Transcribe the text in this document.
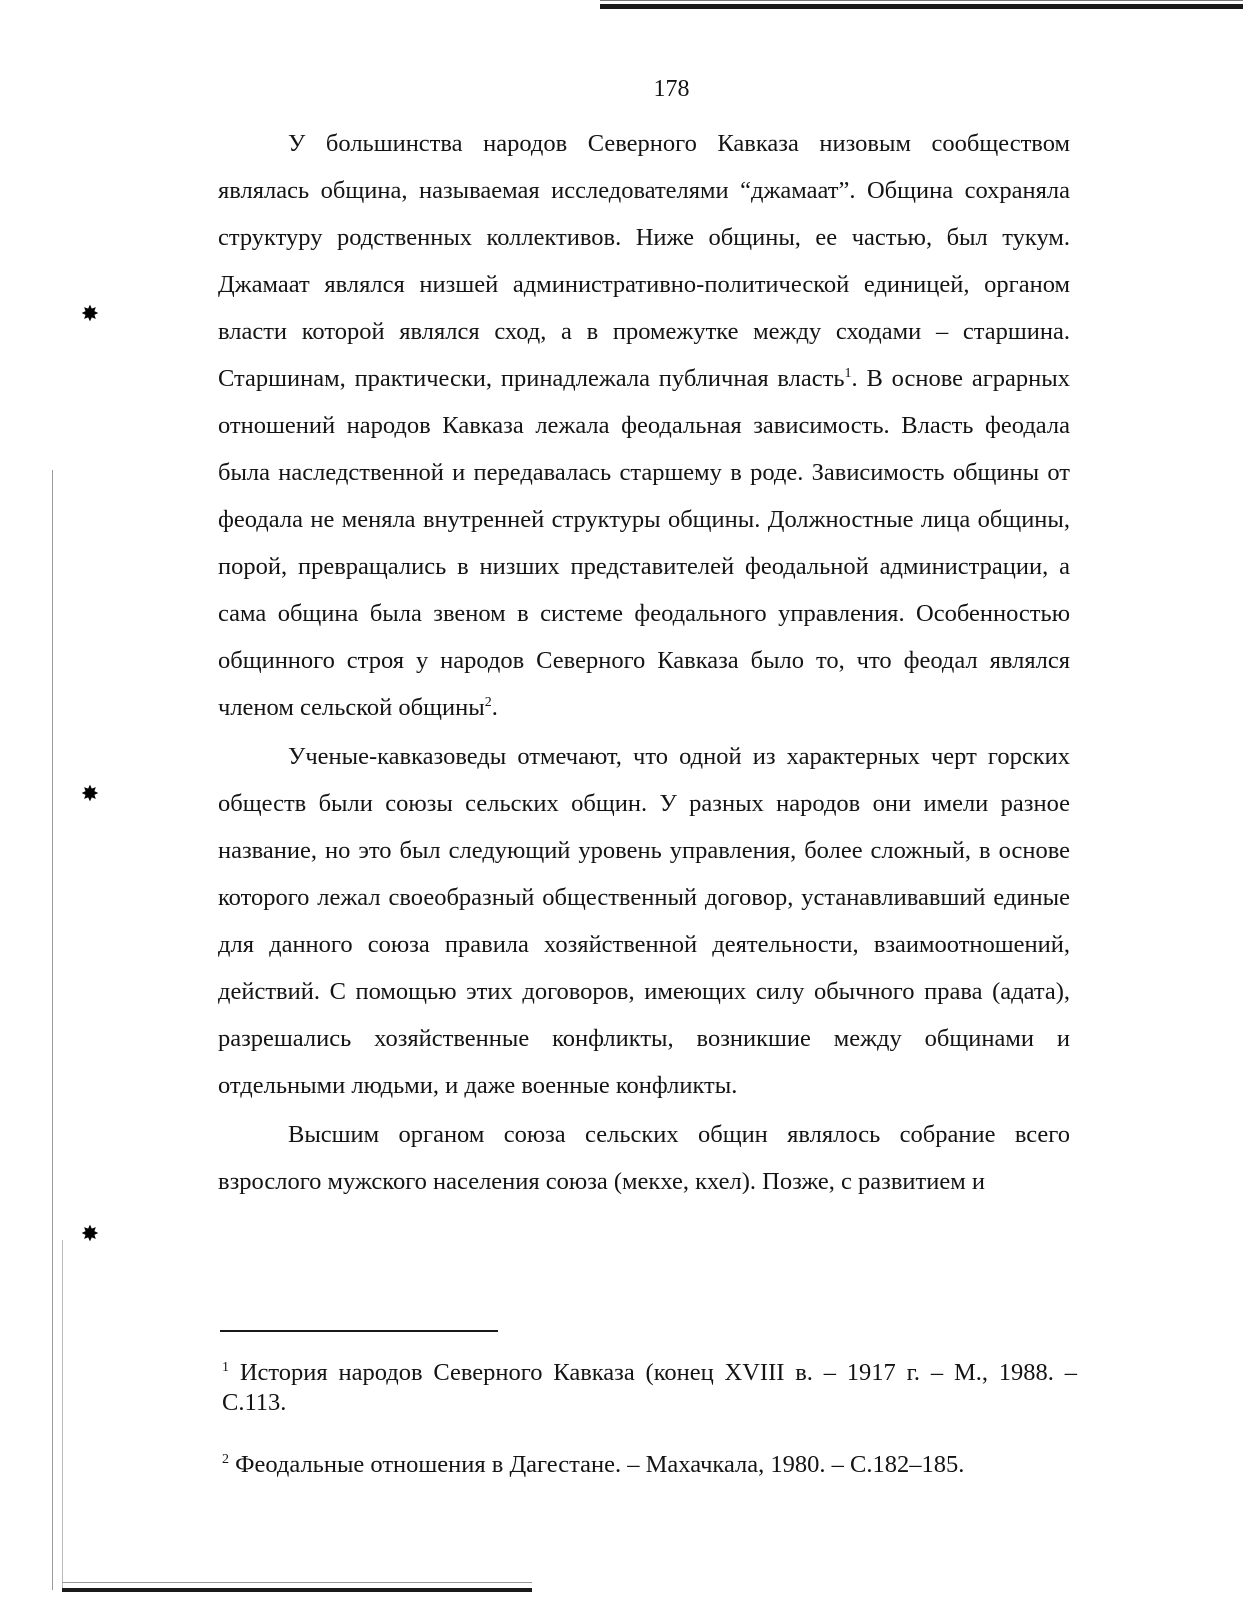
✸
✸
✸
178

У большинства народов Северного Кавказа низовым сообществом являлась община, называемая исследователями “джамаат”. Община сохраняла структуру родственных коллективов. Ниже общины, ее частью, был тукум. Джамаат являлся низшей административно-политической единицей, органом власти которой являлся сход, а в промежутке между сходами – старшина. Старшинам, практически, принадлежала публичная власть$^1$. В основе аграрных отношений народов Кавказа лежала феодальная зависимость. Власть феодала была наследственной и передавалась старшему в роде. Зависимость общины от феодала не меняла внутренней структуры общины. Должностные лица общины, порой, превращались в низших представителей феодальной администрации, а сама община была звеном в системе феодального управления. Особенностью общинного строя у народов Северного Кавказа было то, что феодал являлся членом сельской общины$^2$.

Ученые-кавказоведы отмечают, что одной из характерных черт горских обществ были союзы сельских общин. У разных народов они имели разное название, но это был следующий уровень управления, более сложный, в основе которого лежал своеобразный общественный договор, устанавливавший единые для данного союза правила хозяйственной деятельности, взаимоотношений, действий. С помощью этих договоров, имеющих силу обычного права (адата), разрешались хозяйственные конфликты, возникшие между общинами и отдельными людьми, и даже военные конфликты.

Высшим органом союза сельских общин являлось собрание всего взрослого мужского населения союза (мекхе, кхел). Позже, с развитием и

$^1$ История народов Северного Кавказа (конец XVIII в. – 1917 г. – М., 1988. – С.113.

$^2$ Феодальные отношения в Дагестане. – Махачкала, 1980. – С.182–185.
